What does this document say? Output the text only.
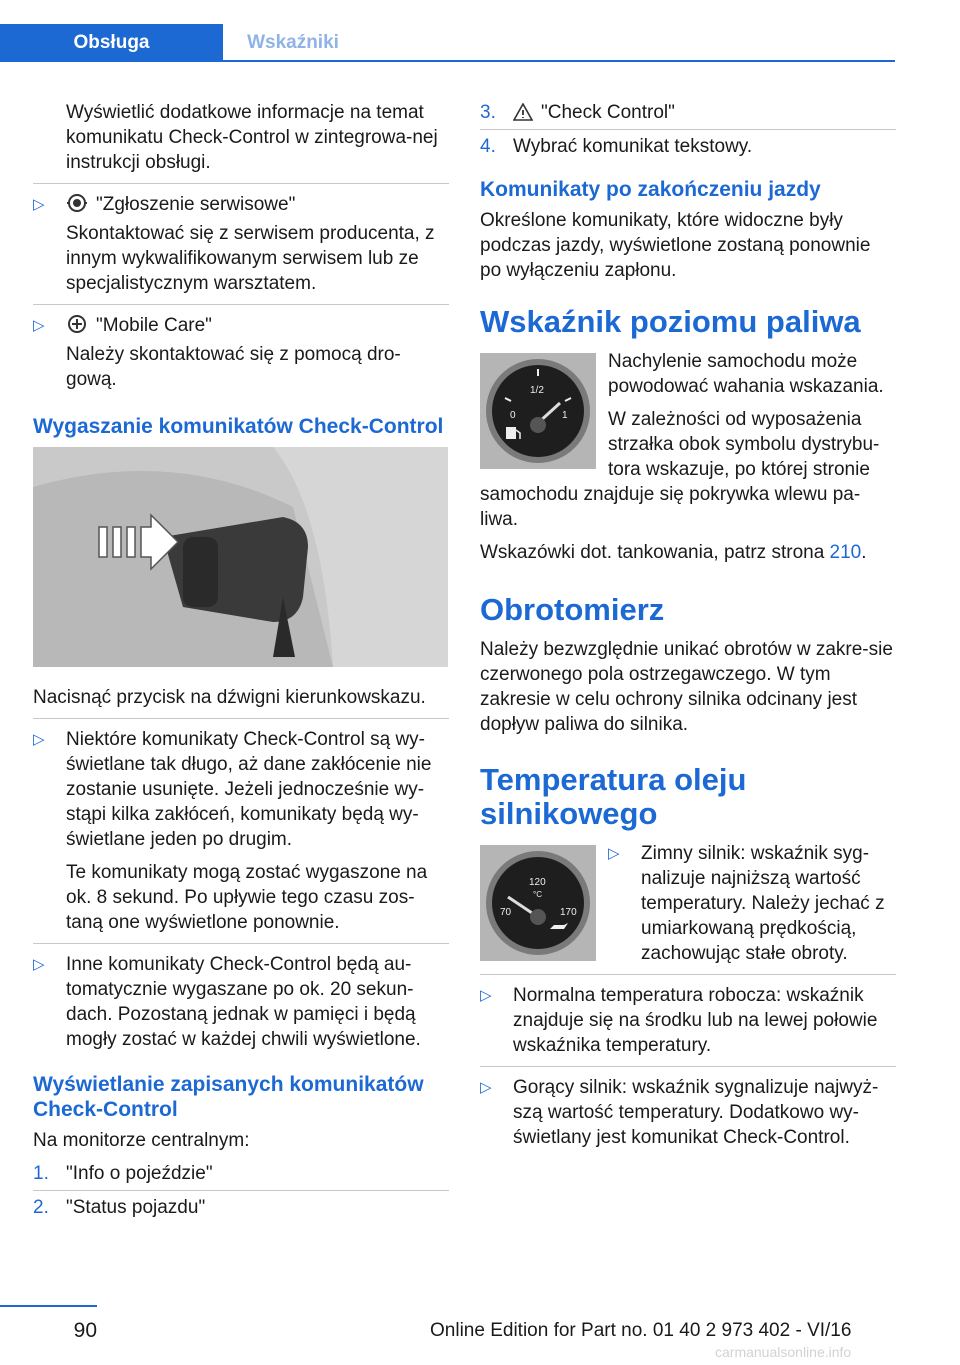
Obsługa	Wskaźniki

Wyświetlić dodatkowe informacje na temat komunikatu Check-Control w zintegrowa-nej instrukcji obsługi.

▷	"Zgłoszenie serwisowe"

Skontaktować się z serwisem producenta, z innym wykwalifikowanym serwisem lub ze specjalistycznym warsztatem.

▷	"Mobile Care"

Należy skontaktować się z pomocą dro-gową.

Wygaszanie komunikatów Check-Control

Nacisnąć przycisk na dźwigni kierunkowskazu.

▷ Niektóre komunikaty Check-Control są wy-świetlane tak długo, aż dane zakłócenie nie zostanie usunięte. Jeżeli jednocześnie wy-stąpi kilka zakłóceń, komunikaty będą wy-świetlane jeden po drugim.

Te komunikaty mogą zostać wygaszone na ok. 8 sekund. Po upływie tego czasu zos-taną one wyświetlone ponownie.

▷ Inne komunikaty Check-Control będą au-tomatycznie wygaszane po ok. 20 sekun-dach. Pozostaną jednak w pamięci i będą mogły zostać w każdej chwili wyświetlone.

Wyświetlanie zapisanych komunikatów Check-Control

Na monitorze centralnym:

1. "Info o pojeździe"

2. "Status pojazdu"

3.	"Check Control"
4. Wybrać komunikat tekstowy.

Komunikaty po zakończeniu jazdy

Określone komunikaty, które widoczne były podczas jazdy, wyświetlone zostaną ponownie po wyłączeniu zapłonu.

Wskaźnik poziomu paliwa
0
1/2
1

Nachylenie samochodu może powodować wahania wskazania.

W zależności od wyposażenia strzałka obok symbolu dystrybu-tora wskazuje, po której stronie samochodu znajduje się pokrywka wlewu pa-liwa.

Wskazówki dot. tankowania, patrz strona 210.

Obrotomierz

Należy bezwzględnie unikać obrotów w zakre-sie czerwonego pola ostrzegawczego. W tym zakresie w celu ochrony silnika odcinany jest dopływ paliwa do silnika.

Temperatura oleju silnikowego
70
120
°C
170
▷ Zimny silnik: wskaźnik syg-nalizuje najniższą wartość temperatury. Należy jechać z umiarkowaną prędkością, zachowując stałe obroty.

▷ Normalna temperatura robocza: wskaźnik znajduje się na środku lub na lewej połowie wskaźnika temperatury.

▷ Gorący silnik: wskaźnik sygnalizuje najwyż-szą wartość temperatury. Dodatkowo wy-świetlany jest komunikat Check-Control.

90	Online Edition for Part no. 01 40 2 973 402 - VI/16
carmanualsonline.info
